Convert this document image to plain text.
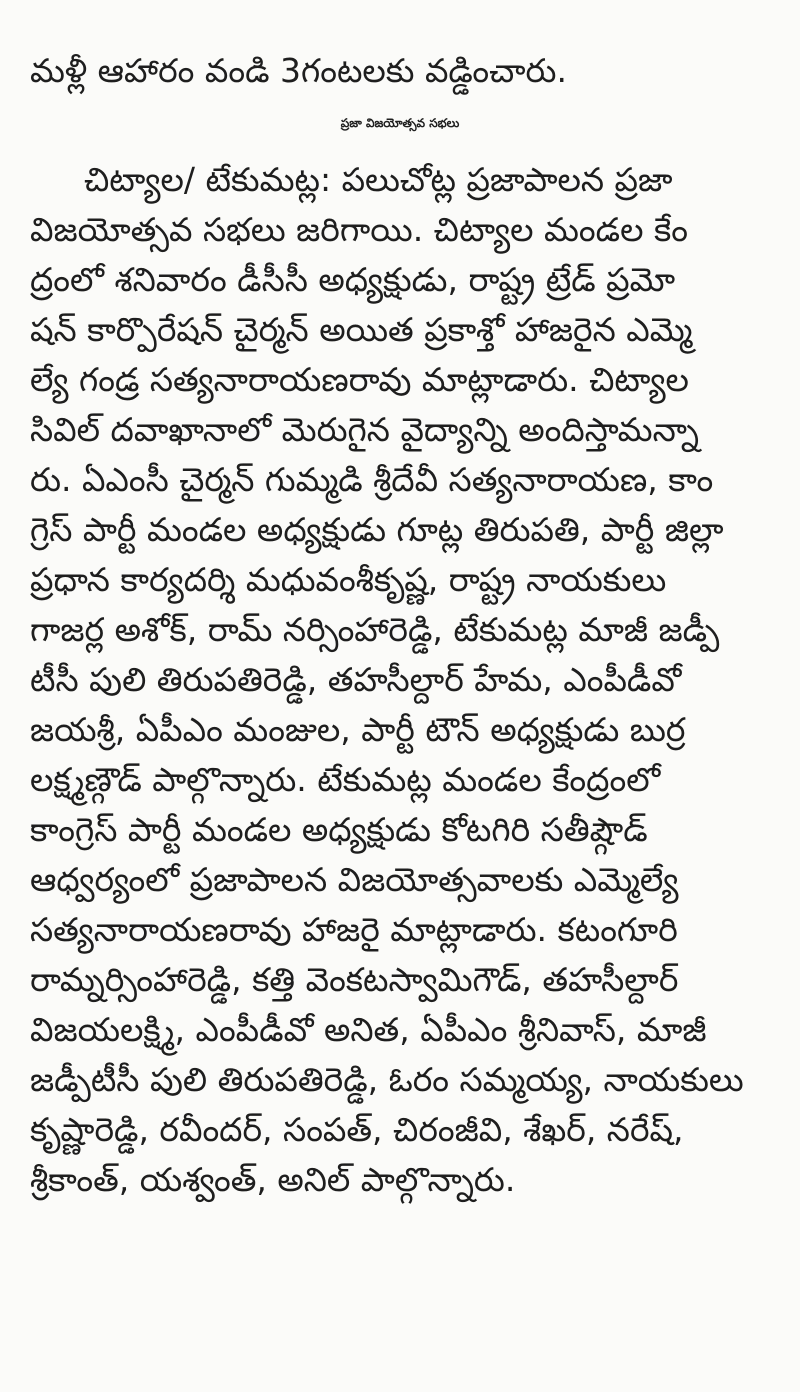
మళ్లీ ఆహారం వండి 3గంటలకు వడ్డించారు.
ప్రజా విజయోత్సవ సభలు
చిట్యాల/ టేకుమట్ల: పలుచోట్ల ప్రజాపాలన ప్రజా
విజయోత్సవ సభలు జరిగాయి. చిట్యాల మండల కేం
ద్రంలో శనివారం డీసీసీ అధ్యక్షుడు, రాష్ట్ర ట్రేడ్ ప్రమో
షన్ కార్పొరేషన్ చైర్మన్ అయిత ప్రకాశ్తో హాజరైన ఎమ్మె
ల్యే గండ్ర సత్యనారాయణరావు మాట్లాడారు. చిట్యాల
సివిల్ దవాఖానాలో మెరుగైన వైద్యాన్ని అందిస్తామన్నా
రు. ఏఎంసీ చైర్మన్ గుమ్మడి శ్రీదేవీ సత్యనారాయణ, కాం
గ్రెస్ పార్టీ మండల అధ్యక్షుడు గూట్ల తిరుపతి, పార్టీ జిల్లా
ప్రధాన కార్యదర్శి మధువంశీకృష్ణ, రాష్ట్ర నాయకులు
గాజర్ల అశోక్, రామ్ నర్సింహారెడ్డి, టేకుమట్ల మాజీ జడ్పీ
టీసీ పులి తిరుపతిరెడ్డి, తహసీల్దార్ హేమ, ఎంపీడీవో
జయశ్రీ, ఏపీఎం మంజుల, పార్టీ టౌన్ అధ్యక్షుడు బుర్ర
లక్ష్మణ్గౌడ్ పాల్గొన్నారు. టేకుమట్ల మండల కేంద్రంలో
కాంగ్రెస్ పార్టీ మండల అధ్యక్షుడు కోటగిరి సతీష్గౌడ్
ఆధ్వర్యంలో ప్రజాపాలన విజయోత్సవాలకు ఎమ్మెల్యే
సత్యనారాయణరావు హాజరై మాట్లాడారు. కటంగూరి
రామ్నర్సింహారెడ్డి, కత్తి వెంకటస్వామిగౌడ్, తహసీల్దార్
విజయలక్ష్మి, ఎంపీడీవో అనిత, ఏపీఎం శ్రీనివాస్, మాజీ
జడ్పీటీసీ పులి తిరుపతిరెడ్డి, ఓరం సమ్మయ్య, నాయకులు
కృష్ణారెడ్డి, రవీందర్, సంపత్, చిరంజీవి, శేఖర్, నరేష్,
శ్రీకాంత్, యశ్వంత్, అనిల్ పాల్గొన్నారు.
